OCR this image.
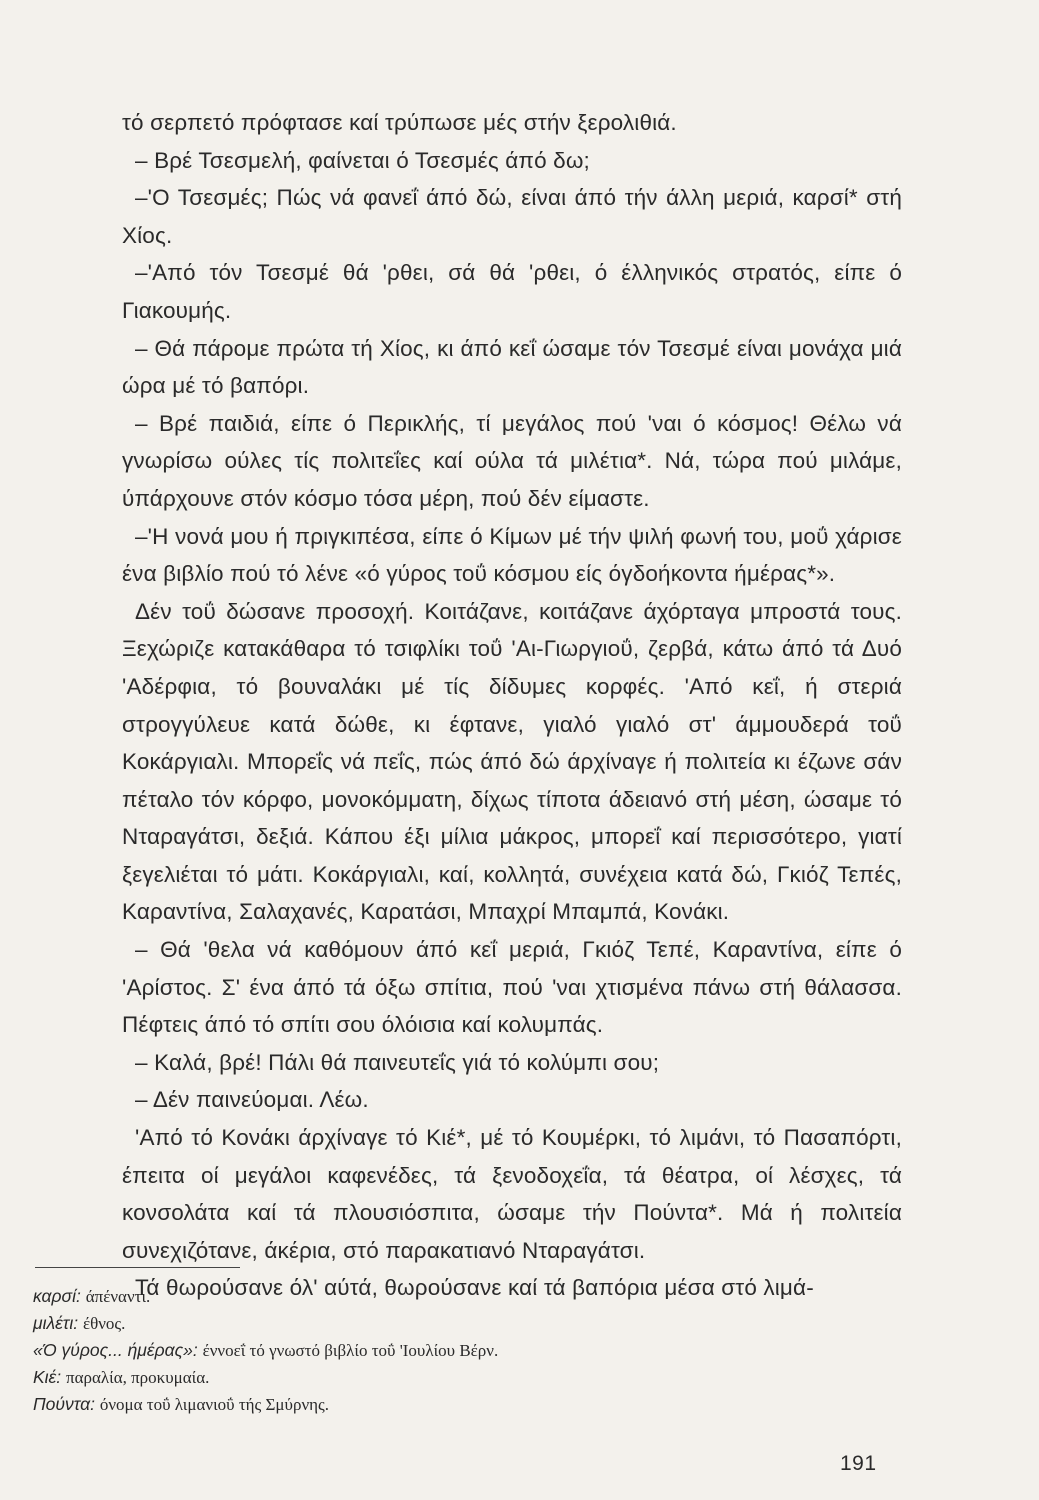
τό σερπετό πρόφτασε καί τρύπωσε μές στήν ξερολιθιά.

– Βρέ Τσεσμελή, φαίνεται ό Τσεσμές άπό δω;

–'Ο Τσεσμές; Πώς νά φανεΐ άπό δώ, είναι άπό τήν άλλη μεριά, καρσί* στή Χίος.

–'Από τόν Τσεσμέ θά 'ρθει, σά θά 'ρθει, ό έλληνικός στρατός, είπε ό Γιακουμής.

– Θά πάρομε πρώτα τή Χίος, κι άπό κεΐ ώσαμε τόν Τσεσμέ είναι μονάχα μιά ώρα μέ τό βαπόρι.

– Βρέ παιδιά, είπε ό Περικλής, τί μεγάλος πού 'ναι ό κόσμος! Θέλω νά γνωρίσω ούλες τίς πολιτεΐες καί ούλα τά μιλέτια*. Νά, τώρα πού μιλάμε, ύπάρχουνε στόν κόσμο τόσα μέρη, πού δέν είμαστε.

–'Η νονά μου ή πριγκιπέσα, είπε ό Κίμων μέ τήν ψιλή φωνή του, μοΰ χάρισε ένα βιβλίο πού τό λένε «ό γύρος τοΰ κόσμου είς όγδοήκοντα ήμέρας*».

Δέν τοΰ δώσανε προσοχή. Κοιτάζανε, κοιτάζανε άχόρταγα μπροστά τους. Ξεχώριζε κατακάθαρα τό τσιφλίκι τοΰ 'Αι-Γιωργιοΰ, ζερβά, κάτω άπό τά Δυό 'Αδέρφια, τό βουναλάκι μέ τίς δίδυμες κορφές. 'Από κεΐ, ή στεριά στρογγύλευε κατά δώθε, κι έφτανε, γιαλό γιαλό στ' άμμουδερά τοΰ Κοκάργιαλι. Μπορεΐς νά πεΐς, πώς άπό δώ άρχίναγε ή πολιτεία κι έζωνε σάν πέταλο τόν κόρφο, μονοκόμματη, δίχως τίποτα άδειανό στή μέση, ώσαμε τό Νταραγάτσι, δεξιά. Κάπου έξι μίλια μάκρος, μπορεΐ καί περισσότερο, γιατί ξεγελιέται τό μάτι. Κοκάργιαλι, καί, κολλητά, συνέχεια κατά δώ, Γκιόζ Τεπές, Καραντίνα, Σαλαχανές, Καρατάσι, Μπαχρί Μπαμπά, Κονάκι.

– Θά 'θελα νά καθόμουν άπό κεΐ μεριά, Γκιόζ Τεπέ, Καραντίνα, είπε ό 'Αρίστος. Σ' ένα άπό τά όξω σπίτια, πού 'ναι χτισμένα πάνω στή θάλασσα. Πέφτεις άπό τό σπίτι σου όλόισια καί κολυμπάς.

– Καλά, βρέ! Πάλι θά παινευτεΐς γιά τό κολύμπι σου;

– Δέν παινεύομαι. Λέω.

'Από τό Κονάκι άρχίναγε τό Κιέ*, μέ τό Κουμέρκι, τό λιμάνι, τό Πασαπόρτι, έπειτα οί μεγάλοι καφενέδες, τά ξενοδοχεΐα, τά θέατρα, οί λέσχες, τά κονσολάτα καί τά πλουσιόσπιτα, ώσαμε τήν Πούντα*. Μά ή πολιτεία συνεχιζότανε, άκέρια, στό παρακατιανό Νταραγάτσι.

Τά θωρούσανε όλ' αύτά, θωρούσανε καί τά βαπόρια μέσα στό λιμά-

καρσί: άπέναντι.
μιλέτι: έθνος.
«Ό γύρος... ήμέρας»: έννοεΐ τό γνωστό βιβλίο τοΰ 'Ιουλίου Βέρν.
Κιέ: παραλία, προκυμαία.
Πούντα: όνομα τοΰ λιμανιοΰ τής Σμύρνης.
191
